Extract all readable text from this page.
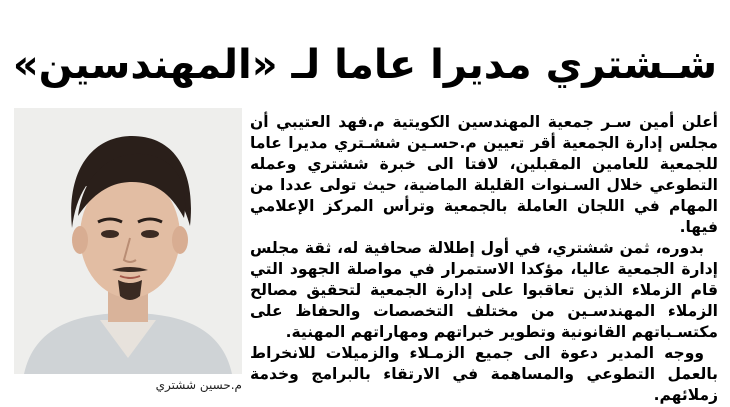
شـشتري مديرا عاما لـ «المهندسين»
م.حسين ششتري

أعلن أمين سـر جمعية المهندسين الكويتية م.فهد العتيبي أن مجلس إدارة الجمعية أقر تعيين م.حسـين ششـتري مديرا عاما للجمعية للعامين المقبلين، لافتا الى خبرة ششتري وعمله التطوعي خلال السـنوات القليلة الماضية، حيث تولى عددا من المهام في اللجان العاملة بالجمعية وترأس المركز الإعلامي فيها.

بدوره، ثمن ششتري، في أول إطلالة صحافية له، ثقة مجلس إدارة الجمعية عاليا، مؤكدا الاستمرار في مواصلة الجهود التي قام الزملاء الذين تعاقبوا على إدارة الجمعية لتحقيق مصالح الزملاء المهندسـين من مختلف التخصصات والحفاظ على مكتسـباتهم القانونية وتطوير خبراتهم ومهاراتهم المهنية.

ووجه المدير دعوة الى جميع الزمـلاء والزميلات للانخراط بالعمل التطوعي والمساهمة في الارتقاء بالبرامج وخدمة زملائهم.
